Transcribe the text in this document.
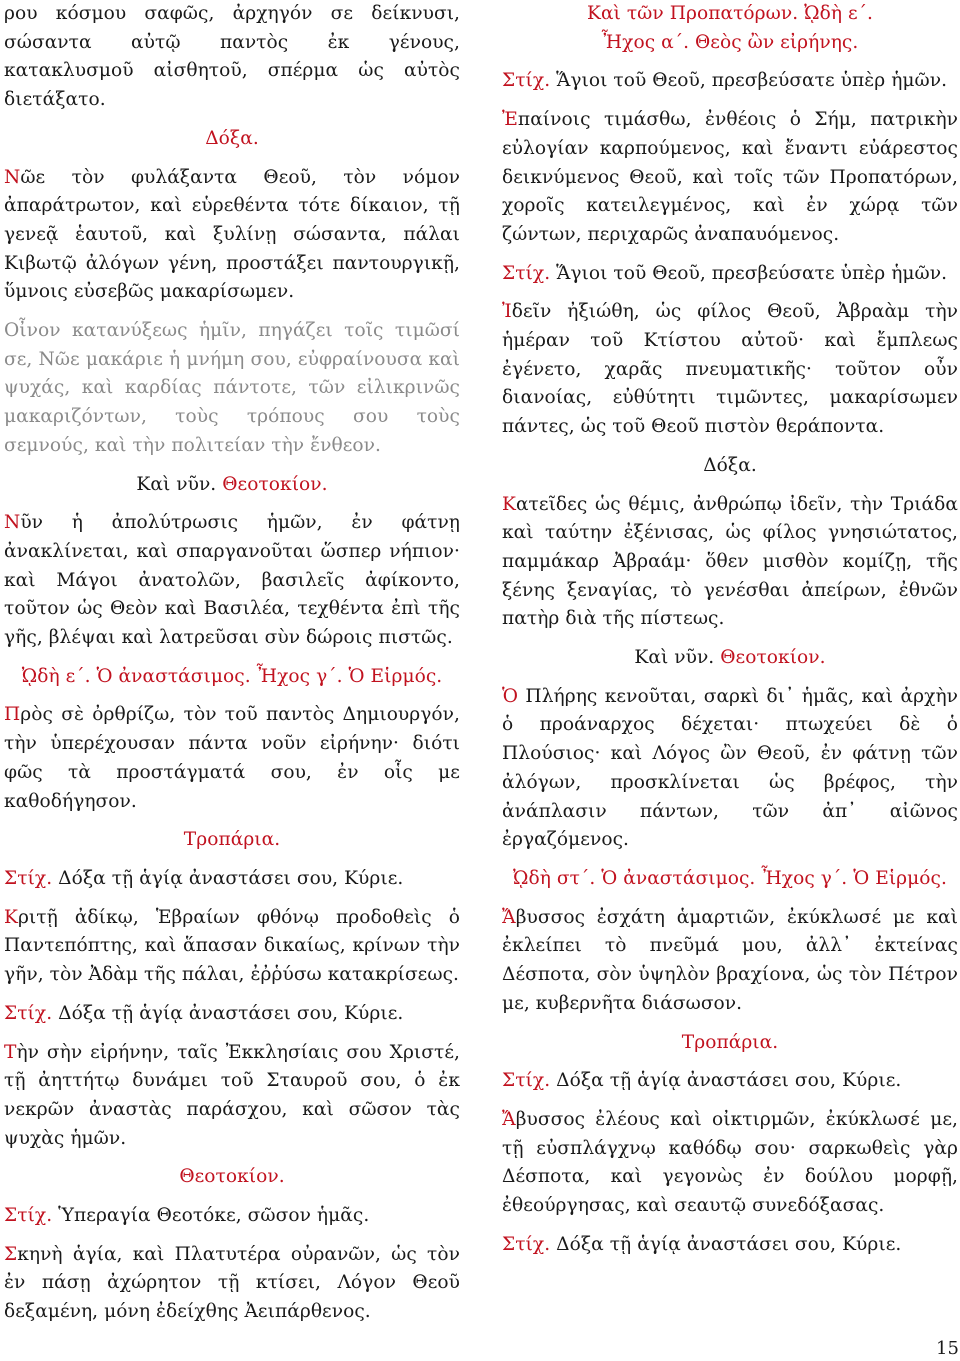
ρου κόσμου σαφῶς, ἀρχηγόν σε δείκνυσι, σώσαντα αὐτῷ παντὸς ἐκ γένους, κατακλυσμοῦ αἰσθητοῦ, σπέρμα ὡς αὐτὸς διετάξατο.

Δόξα.

Νῶε τὸν φυλάξαντα Θεοῦ, τὸν νόμον ἀπαράτρωτον, καὶ εὑρεθέντα τότε δίκαιον, τῇ γενεᾷ ἑαυτοῦ, καὶ ξυλίνῃ σώσαντα, πάλαι Κιβωτῷ ἀλόγων γένη, προστάξει παντουργικῇ, ὕμνοις εὐσεβῶς μακαρίσωμεν.

Οἶνον κατανύξεως ἡμῖν, πηγάζει τοῖς τιμῶσί σε, Νῶε μακάριε ἡ μνήμη σου, εὐφραίνουσα καὶ ψυχάς, καὶ καρδίας πάντοτε, τῶν εἰλικρινῶς μακαριζόντων, τοὺς τρόπους σου τοὺς σεμνούς, καὶ τὴν πολιτείαν τὴν ἔνθεον.

Καὶ νῦν. Θεοτοκίον.

Νῦν ἡ ἀπολύτρωσις ἡμῶν, ἐν φάτνῃ ἀνακλίνεται, καὶ σπαργανοῦται ὥσπερ νήπιον· καὶ Μάγοι ἀνατολῶν, βασιλεῖς ἀφίκοντο, τοῦτον ὡς Θεὸν καὶ Βασιλέα, τεχθέντα ἐπὶ τῆς γῆς, βλέψαι καὶ λατρεῦσαι σὺν δώροις πιστῶς.

ᾨδὴ ε΄. Ὁ ἀναστάσιμος. Ἦχος γ΄. Ὁ Εἱρμός.

Πρὸς σὲ ὀρθρίζω, τὸν τοῦ παντὸς Δημιουργόν, τὴν ὑπερέχουσαν πάντα νοῦν εἰρήνην· διότι φῶς τὰ προστάγματά σου, ἐν οἷς με καθοδήγησον.

Τροπάρια.

Στίχ. Δόξα τῇ ἁγίᾳ ἀναστάσει σου, Κύριε.

Κριτῇ ἀδίκῳ, Ἑβραίων φθόνῳ προδοθεὶς ὁ Παντεπόπτης, καὶ ἅπασαν δικαίως, κρίνων τὴν γῆν, τὸν Ἀδὰμ τῆς πάλαι, ἐῤῥύσω κατακρίσεως.

Στίχ. Δόξα τῇ ἁγίᾳ ἀναστάσει σου, Κύριε.

Τὴν σὴν εἰρήνην, ταῖς Ἐκκλησίαις σου Χριστέ, τῇ ἀηττήτῳ δυνάμει τοῦ Σταυροῦ σου, ὁ ἐκ νεκρῶν ἀναστὰς παράσχου, καὶ σῶσον τὰς ψυχὰς ἡμῶν.

Θεοτοκίον.

Στίχ. Ὑπεραγία Θεοτόκε, σῶσον ἡμᾶς.

Σκηνὴ ἁγία, καὶ Πλατυτέρα οὐρανῶν, ὡς τὸν ἐν πάσῃ ἀχώρητον τῇ κτίσει, Λόγον Θεοῦ δεξαμένη, μόνη ἐδείχθης Ἀειπάρθενος.

Καὶ τῶν Προπατόρων. ᾨδὴ ε΄.

Ἦχος α΄. Θεὸς ὢν εἰρήνης.

Στίχ. Ἅγιοι τοῦ Θεοῦ, πρεσβεύσατε ὑπὲρ ἡμῶν.

Ἐπαίνοις τιμάσθω, ἐνθέοις ὁ Σήμ, πατρικὴν εὐλογίαν καρπούμενος, καὶ ἔναντι εὐάρεστος δεικνύμενος Θεοῦ, καὶ τοῖς τῶν Προπατόρων, χοροῖς κατειλεγμένος, καὶ ἐν χώρᾳ τῶν ζώντων, περιχαρῶς ἀναπαυόμενος.

Στίχ. Ἅγιοι τοῦ Θεοῦ, πρεσβεύσατε ὑπὲρ ἡμῶν.

Ἰδεῖν ἠξιώθη, ὡς φίλος Θεοῦ, Ἀβραὰμ τὴν ἡμέραν τοῦ Κτίστου αὐτοῦ· καὶ ἔμπλεως ἐγένετο, χαρᾶς πνευματικῆς· τοῦτον οὖν διανοίας, εὐθύτητι τιμῶντες, μακαρίσωμεν πάντες, ὡς τοῦ Θεοῦ πιστὸν θεράποντα.

Δόξα.

Κατεῖδες ὡς θέμις, ἀνθρώπῳ ἰδεῖν, τὴν Τριάδα καὶ ταύτην ἐξένισας, ὡς φίλος γνησιώτατος, παμμάκαρ Ἀβραάμ· ὅθεν μισθὸν κομίζῃ, τῆς ξένης ξεναγίας, τὸ γενέσθαι ἀπείρων, ἐθνῶν πατὴρ διὰ τῆς πίστεως.

Καὶ νῦν. Θεοτοκίον.

Ὁ Πλήρης κενοῦται, σαρκὶ δι᾽ ἡμᾶς, καὶ ἀρχὴν ὁ προάναρχος δέχεται· πτωχεύει δὲ ὁ Πλούσιος· καὶ Λόγος ὢν Θεοῦ, ἐν φάτνῃ τῶν ἀλόγων, προσκλίνεται ὡς βρέφος, τὴν ἀνάπλασιν πάντων, τῶν ἀπ᾽ αἰῶνος ἐργαζόμενος.

ᾨδὴ στ΄. Ὁ ἀναστάσιμος. Ἦχος γ΄. Ὁ Εἱρμός.

Ἄβυσσος ἐσχάτη ἁμαρτιῶν, ἐκύκλωσέ με καὶ ἐκλείπει τὸ πνεῦμά μου, ἀλλ᾽ ἐκτείνας Δέσποτα, σὸν ὑψηλὸν βραχίονα, ὡς τὸν Πέτρον με, κυβερνῆτα διάσωσον.

Τροπάρια.

Στίχ. Δόξα τῇ ἁγίᾳ ἀναστάσει σου, Κύριε.

Ἄβυσσος ἐλέους καὶ οἰκτιρμῶν, ἐκύκλωσέ με, τῇ εὐσπλάγχνῳ καθόδῳ σου· σαρκωθεὶς γὰρ Δέσποτα, καὶ γεγονὼς ἐν δούλου μορφῇ, ἐθεούργησας, καὶ σεαυτῷ συνεδόξασας.

Στίχ. Δόξα τῇ ἁγίᾳ ἀναστάσει σου, Κύριε.

15
